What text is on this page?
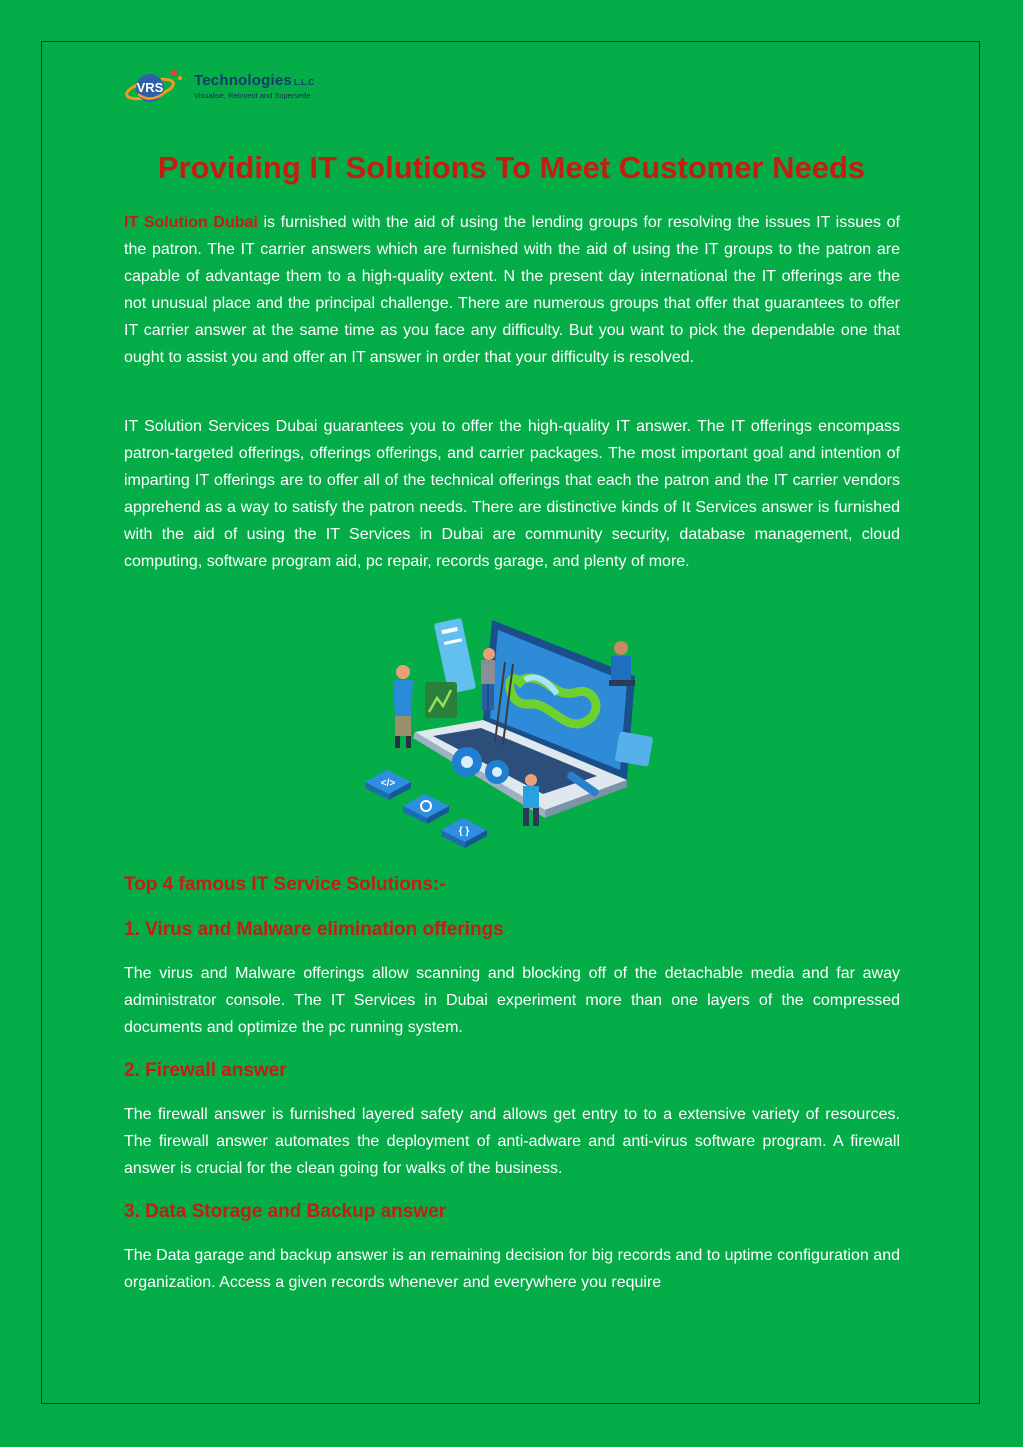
VRS Technologies L.L.C
Visualise, Reinvent and Supersede
Providing IT Solutions To Meet Customer Needs

IT Solution Dubai is furnished with the aid of using the lending groups for resolving the issues IT issues of the patron. The IT carrier answers which are furnished with the aid of using the IT groups to the patron are capable of advantage them to a high-quality extent. N the present day international the IT offerings are the not unusual place and the principal challenge. There are numerous groups that offer that guarantees to offer IT carrier answer at the same time as you face any difficulty. But you want to pick the dependable one that ought to assist you and offer an IT answer in order that your difficulty is resolved.

IT Solution Services Dubai guarantees you to offer the high-quality IT answer. The IT offerings encompass patron-targeted offerings, offerings offerings, and carrier packages. The most important goal and intention of imparting IT offerings are to offer all of the technical offerings that each the patron and the IT carrier vendors apprehend as a way to satisfy the patron needs. There are distinctive kinds of It Services answer is furnished with the aid of using the IT Services in Dubai are community security, database management, cloud computing, software program aid, pc repair, records garage, and plenty of more.

</>
{ }
Top 4 famous IT Service Solutions:-
1. Virus and Malware elimination offerings

The virus and Malware offerings allow scanning and blocking off of the detachable media and far away administrator console. The IT Services in Dubai experiment more than one layers of the compressed documents and optimize the pc running system.

2. Firewall answer

The firewall answer is furnished layered safety and allows get entry to to a extensive variety of resources. The firewall answer automates the deployment of anti-adware and anti-virus software program. A firewall answer is crucial for the clean going for walks of the business.

3. Data Storage and Backup answer

The Data garage and backup answer is an remaining decision for big records and to uptime configuration and organization. Access a given records whenever and everywhere you require
